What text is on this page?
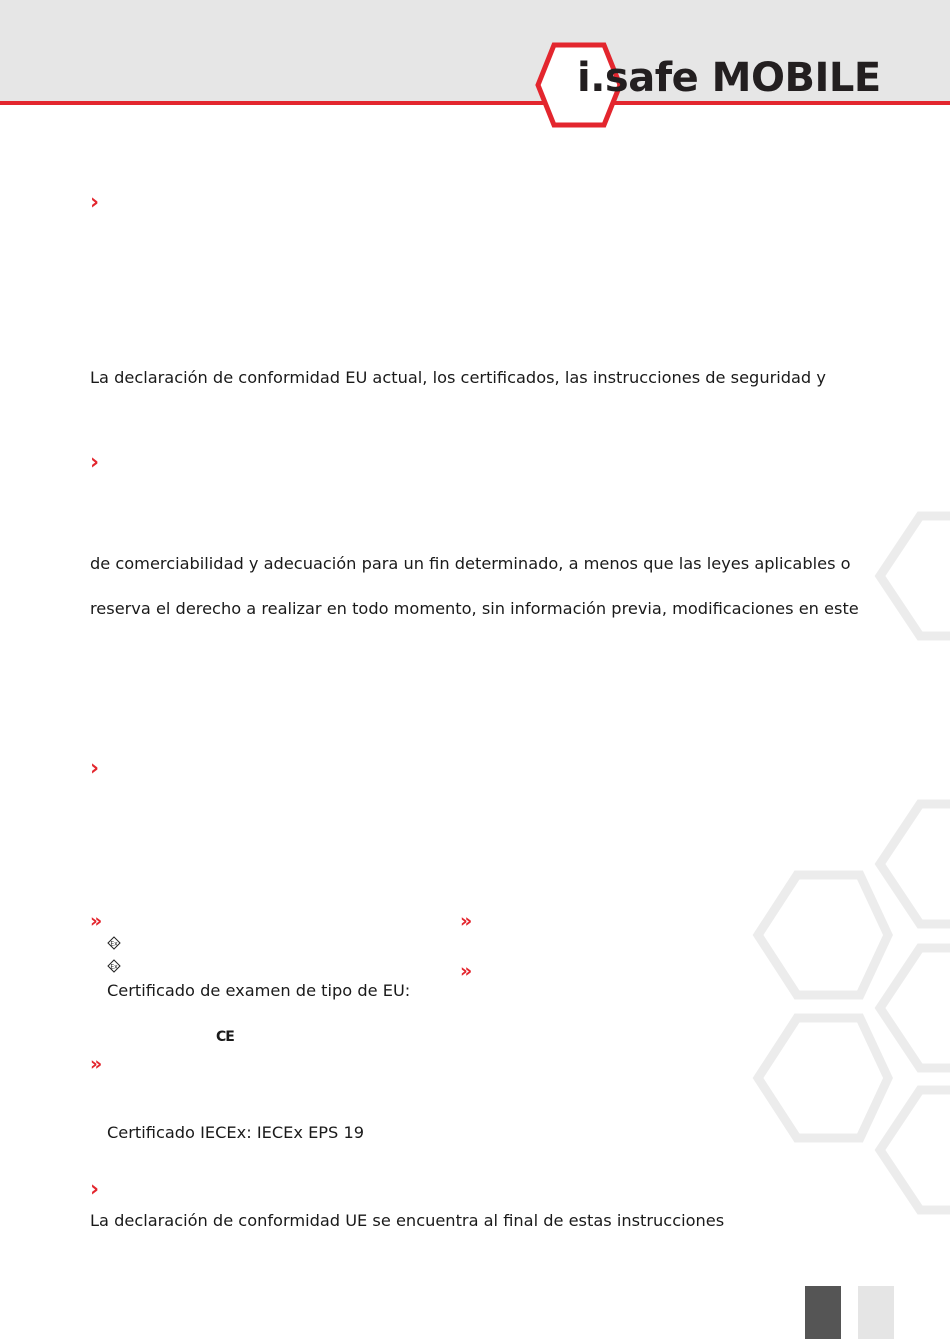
i.safe MOBILE
›
La declaración de conformidad EU actual, los certificados, las instrucciones de seguridad y
›
de comerciabilidad y adecuación para un fin determinado, a menos que las leyes aplicables o
reserva el derecho a realizar en todo momento, sin información previa, modificaciones en este
›
»	»
»
Ex
Ex
Certificado de examen de tipo de EU:
CE
»
Certificado IECEx: IECEx EPS 19
›
La declaración de conformidad UE se encuentra al final de estas instrucciones
